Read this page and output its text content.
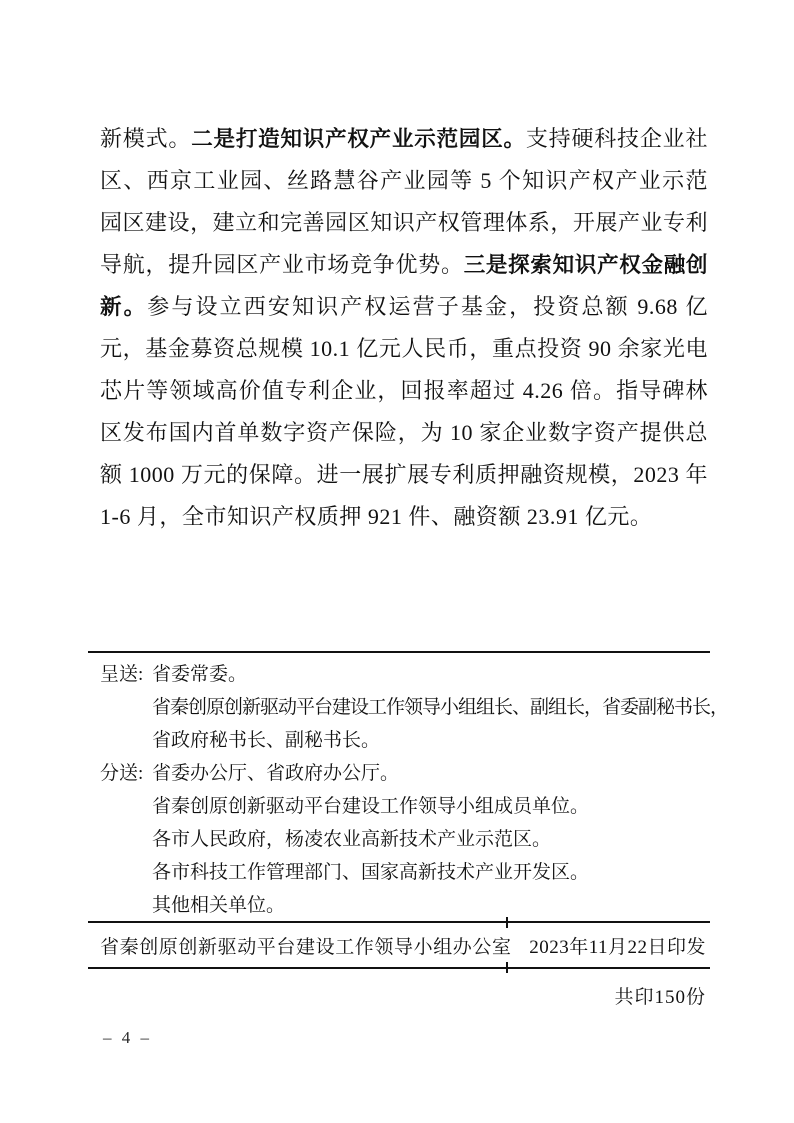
新模式。二是打造知识产权产业示范园区。支持硬科技企业社区、西京工业园、丝路慧谷产业园等 5 个知识产权产业示范园区建设，建立和完善园区知识产权管理体系，开展产业专利导航，提升园区产业市场竞争优势。三是探索知识产权金融创新。参与设立西安知识产权运营子基金，投资总额 9.68 亿元，基金募资总规模 10.1 亿元人民币，重点投资 90 余家光电芯片等领域高价值专利企业，回报率超过 4.26 倍。指导碑林区发布国内首单数字资产保险，为 10 家企业数字资产提供总额 1000 万元的保障。进一展扩展专利质押融资规模，2023 年 1-6 月，全市知识产权质押 921 件、融资额 23.91 亿元。
呈送: 省委常委。
省秦创原创新驱动平台建设工作领导小组组长、副组长，省委副秘书长，
省政府秘书长、副秘书长。
分送: 省委办公厅、省政府办公厅。
省秦创原创新驱动平台建设工作领导小组成员单位。
各市人民政府，杨凌农业高新技术产业示范区。
各市科技工作管理部门、国家高新技术产业开发区。
其他相关单位。
省秦创原创新驱动平台建设工作领导小组办公室 2023年11月22日印发
共印150份
– 4 –
